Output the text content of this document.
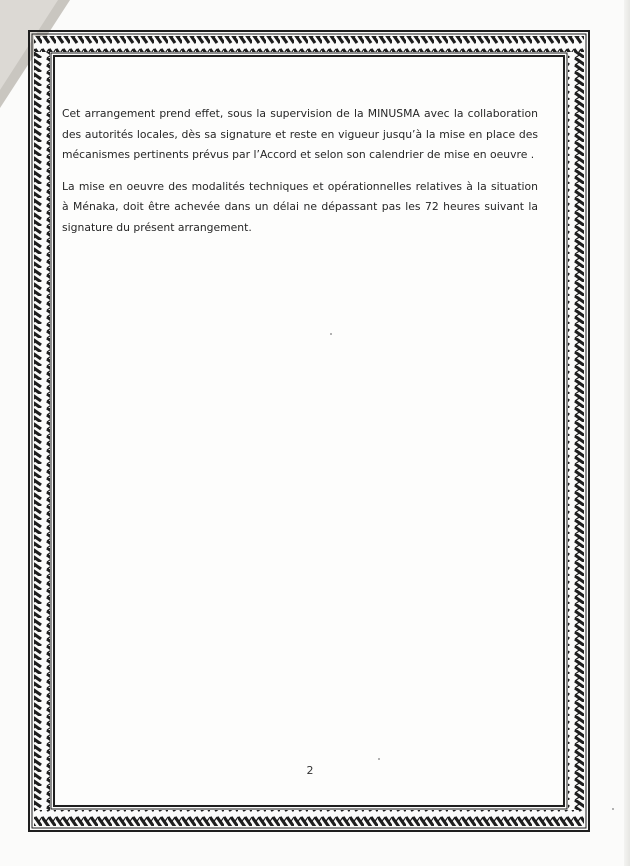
Cet arrangement prend effet, sous la supervision de la MINUSMA avec la collaboration des autorités locales, dès sa signature et reste en vigueur jusqu’à la mise en place des mécanismes pertinents prévus par l’Accord et selon son calendrier de mise en oeuvre .

La mise en oeuvre des modalités techniques et opérationnelles relatives à la situation à Ménaka, doit être achevée dans un délai ne dépassant pas les 72 heures suivant la signature du présent arrangement.

2
